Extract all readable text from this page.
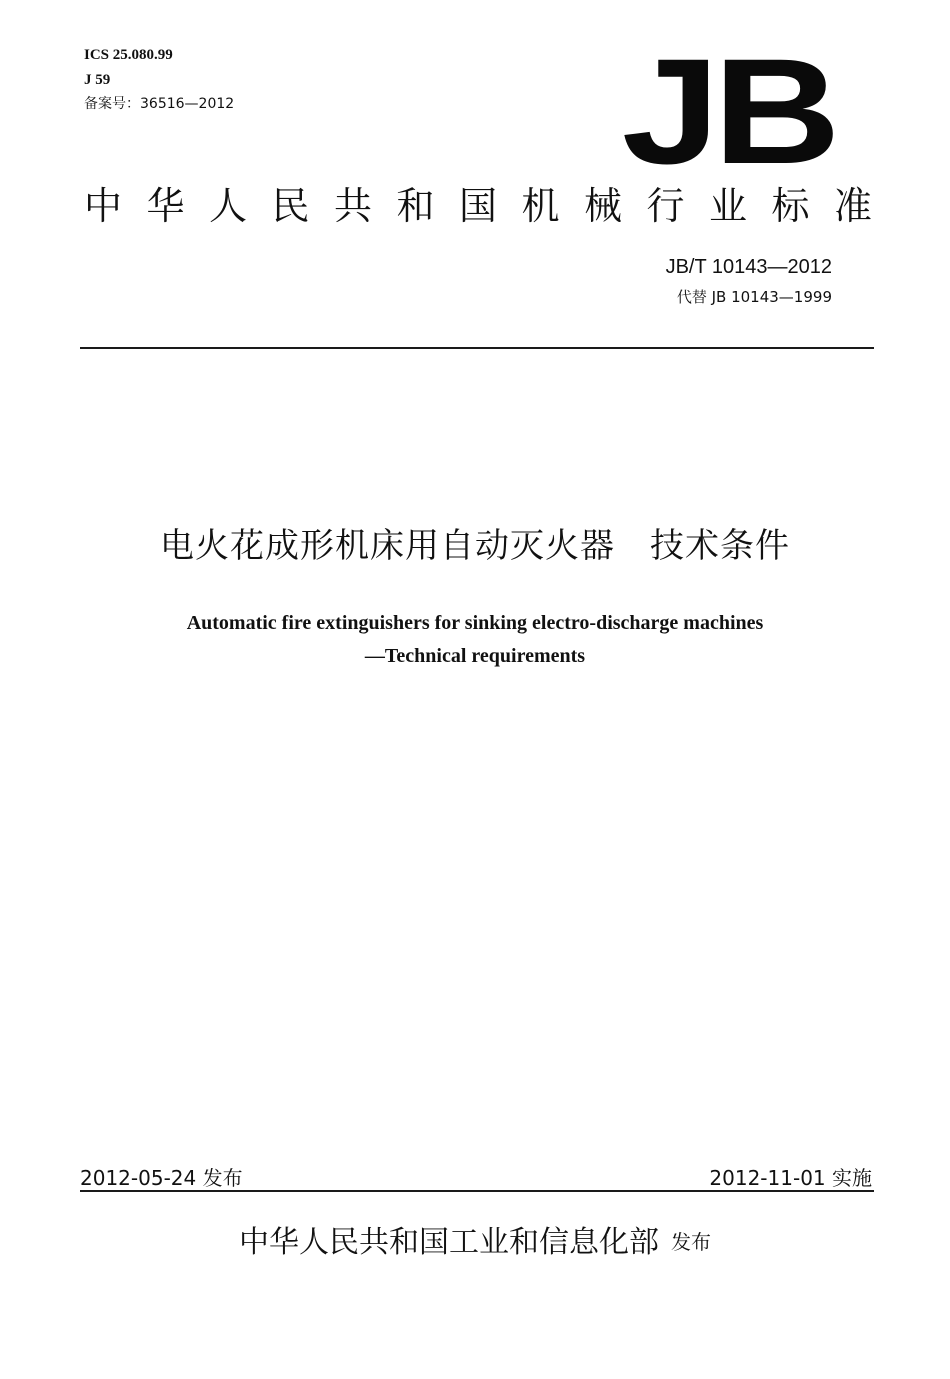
ICS 25.080.99
J 59
备案号：36516—2012	JB
中华人民共和国机械行业标准
JB/T 10143—2012
代替 JB 10143—1999
电火花成形机床用自动灭火器　技术条件
Automatic fire extinguishers for sinking electro-discharge machines
—Technical requirements
2012-05-24 发布	2012-11-01 实施
中华人民共和国工业和信息化部 发布
